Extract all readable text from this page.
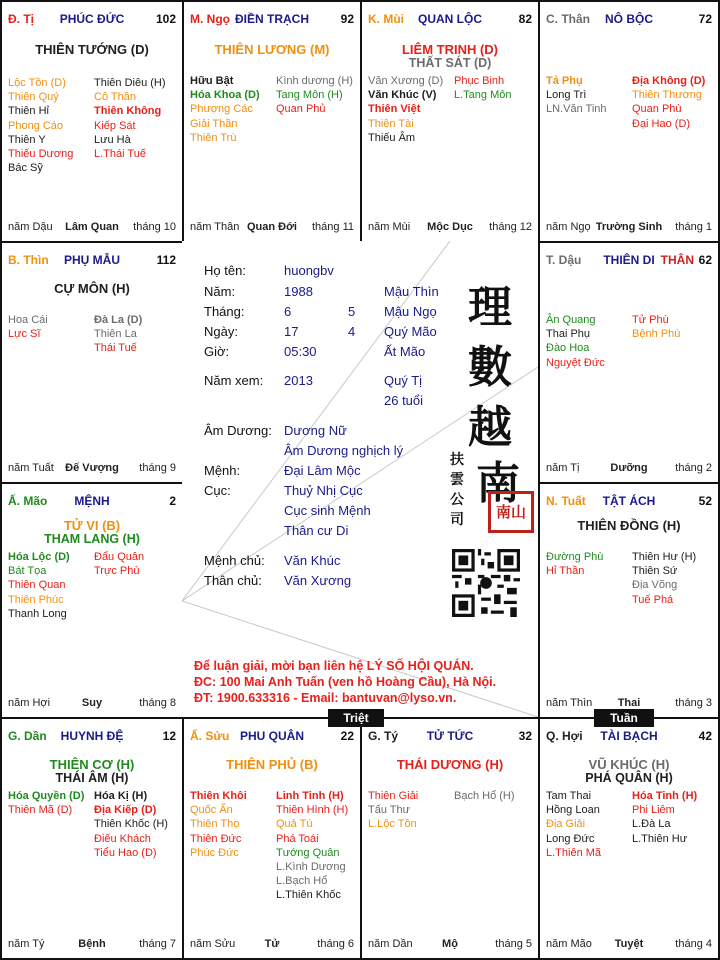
PHÚC ĐỨC
Đ. Tị	102
THIÊN TƯỚNG (D)
Lộc Tồn (D)
Thiên Quý
Thiên Hỉ
Phong Cáo
Thiên Y
Thiếu Dương
Bác Sỹ
Thiên Diêu (H)
Cô Thần
Thiên Không
Kiếp Sát
Lưu Hà
L.Thái Tuế
Lâm Quan
năm Dậu	tháng 10
ĐIỀN TRẠCH
M. Ngọ	92
THIÊN LƯƠNG (M)
Hữu Bật
Hóa Khoa (D)
Phượng Các
Giải Thần
Thiên Trù
Kình dương (H)
Tang Môn (H)
Quan Phủ
Quan Đới
năm Thân	tháng 11
QUAN LỘC
K. Mùi	82
LIÊM TRINH (D)
THẤT SÁT (D)
Văn Xương (D)
Văn Khúc (V)
Thiên Việt
Thiên Tài
Thiếu Âm
Phục Binh
L.Tang Môn
Mộc Dục
năm Mùi	tháng 12
NÔ BỘC
C. Thân	72
Tả Phụ
Long Trì
LN.Văn Tinh
Địa Không (D)
Thiên Thương
Quan Phù
Đại Hao (D)
Trường Sinh
năm Ngọ	tháng 1
PHỤ MẪU
B. Thìn	112
CỰ MÔN (H)
Hoa Cái
Lực Sĩ
Đà La (D)
Thiên La
Thái Tuế
Đế Vượng
năm Tuất	tháng 9
THIÊN DI
T. Dậu	THÂN 62
Ân Quang
Thai Phụ
Đào Hoa
Nguyệt Đức
Tử Phù
Bệnh Phù
Dưỡng
năm Tị	tháng 2
MỆNH
Ấ. Mão	2
TỬ VI (B)
THAM LANG (H)
Hóa Lộc (D)
Bát Tọa
Thiên Quan
Thiên Phúc
Thanh Long
Đẩu Quân
Trực Phù
Suy
năm Hợi	tháng 8
TẬT ÁCH
N. Tuất	52
THIÊN ĐỒNG (H)
Đường Phù
Hỉ Thần
Thiên Hư (H)
Thiên Sứ
Địa Võng
Tuế Phá
Thai
năm Thìn	tháng 3
HUYNH ĐỆ
G. Dần	12
THIÊN CƠ (H)
THÁI ÂM (H)
Hóa Quyền (D)
Thiên Mã (D)
Hóa Kị (H)
Địa Kiếp (D)
Thiên Khốc (H)
Điếu Khách
Tiểu Hao (D)
Bệnh
năm Tý	tháng 7
PHU QUÂN
Ấ. Sửu	22
THIÊN PHỦ (B)
Thiên Khôi
Quốc Ấn
Thiên Thọ
Thiên Đức
Phúc Đức
Linh Tinh (H)
Thiên Hình (H)
Quả Tú
Phá Toái
Tướng Quân
L.Kình Dương
L.Bạch Hổ
L.Thiên Khốc
Tử
năm Sửu	tháng 6
TỬ TỨC
G. Tý	32
THÁI DƯƠNG (H)
Thiên Giải
Tấu Thư
L.Lộc Tồn
Bạch Hổ (H)
Mộ
năm Dần	tháng 5
TÀI BẠCH
Q. Hợi	42
VŨ KHÚC (H)
PHÁ QUÂN (H)
Tam Thai
Hồng Loan
Địa Giải
Long Đức
L.Thiên Mã
Hóa Tinh (H)
Phi Liêm
L.Đà La
L.Thiên Hư
Tuyệt
năm Mão	tháng 4
Họ tên:	huongbv
Năm:	1988	Mậu Thìn
Tháng:	6	5 Mậu Ngọ
Ngày:	17	4 Quý Mão
Giờ:	05:30	Ất Mão
Năm xem: 2013	Quý Tị
26 tuổi
Âm Dương: Dương Nữ
Âm Dương nghịch lý
Mệnh:	Đại Lâm Mộc
Cục:	Thuỷ Nhị Cục
Cục sinh Mệnh
Thân cư Di
Mệnh chủ: Văn Khúc
Thân chủ: Văn Xương
理
數
越
南
扶
雲
公
司	南山
Để luận giải, mời bạn liên hệ LÝ SỐ HỘI QUÁN.
ĐC: 100 Mai Anh Tuấn (ven hồ Hoàng Cầu), Hà Nội.
ĐT: 1900.633316 - Email: bantuvan@lyso.vn.
Triệt	Tuần
